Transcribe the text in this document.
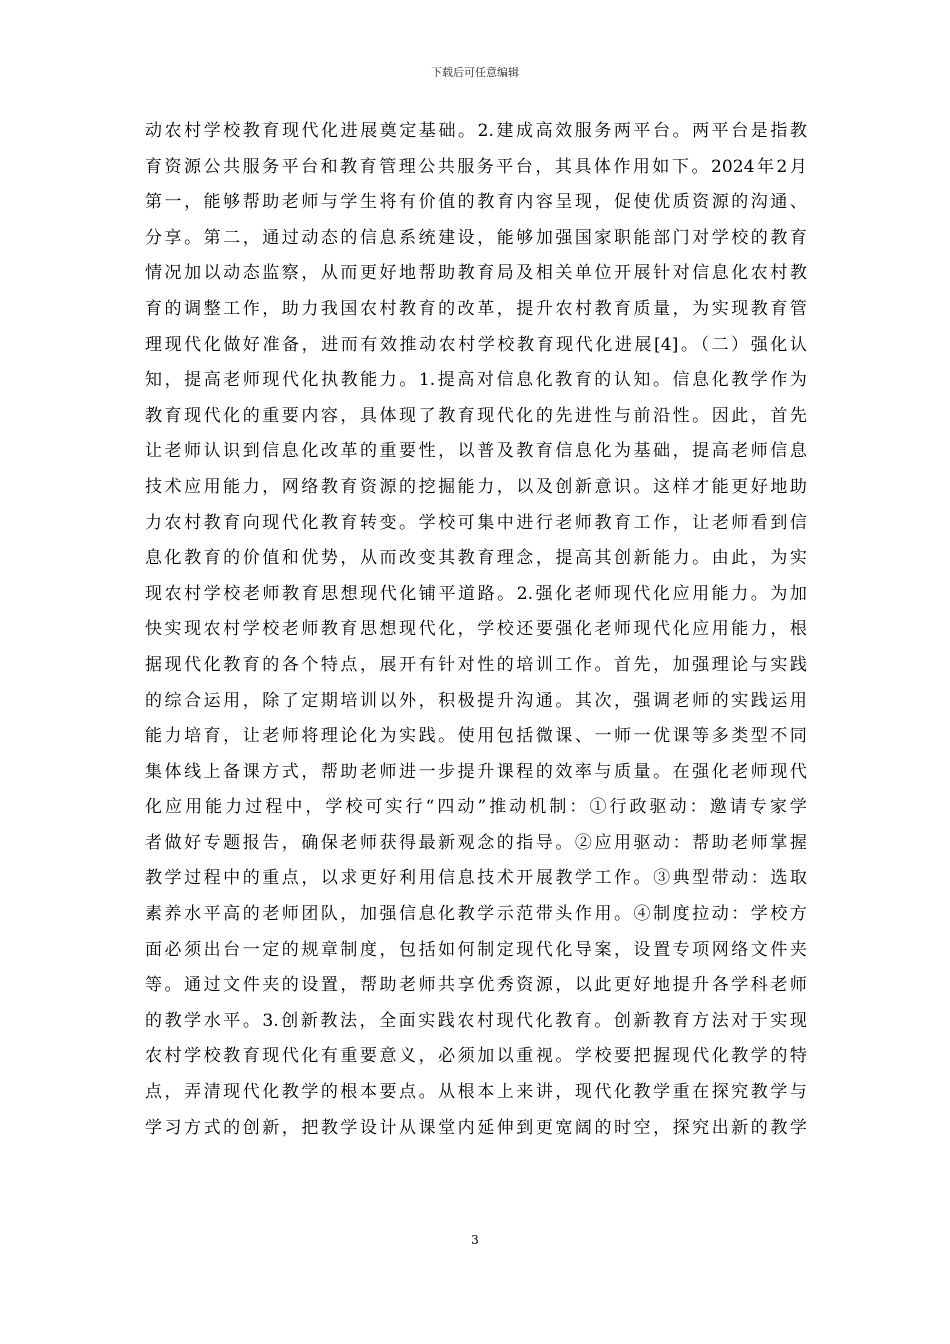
下载后可任意编辑
动农村学校教育现代化进展奠定基础。2.建成高效服务两平台。两平台是指教
育资源公共服务平台和教育管理公共服务平台，其具体作用如下。2024年2月
第一，能够帮助老师与学生将有价值的教育内容呈现，促使优质资源的沟通、
分享。第二，通过动态的信息系统建设，能够加强国家职能部门对学校的教育
情况加以动态监察，从而更好地帮助教育局及相关单位开展针对信息化农村教
育的调整工作，助力我国农村教育的改革，提升农村教育质量，为实现教育管
理现代化做好准备，进而有效推动农村学校教育现代化进展[4]。（二）强化认
知，提高老师现代化执教能力。1.提高对信息化教育的认知。信息化教学作为
教育现代化的重要内容，具体现了教育现代化的先进性与前沿性。因此，首先
让老师认识到信息化改革的重要性，以普及教育信息化为基础，提高老师信息
技术应用能力，网络教育资源的挖掘能力，以及创新意识。这样才能更好地助
力农村教育向现代化教育转变。学校可集中进行老师教育工作，让老师看到信
息化教育的价值和优势，从而改变其教育理念，提高其创新能力。由此，为实
现农村学校老师教育思想现代化铺平道路。2.强化老师现代化应用能力。为加
快实现农村学校老师教育思想现代化，学校还要强化老师现代化应用能力，根
据现代化教育的各个特点，展开有针对性的培训工作。首先，加强理论与实践
的综合运用，除了定期培训以外，积极提升沟通。其次，强调老师的实践运用
能力培育，让老师将理论化为实践。使用包括微课、一师一优课等多类型不同
集体线上备课方式，帮助老师进一步提升课程的效率与质量。在强化老师现代
化应用能力过程中，学校可实行“四动”推动机制：①行政驱动：邀请专家学
者做好专题报告，确保老师获得最新观念的指导。②应用驱动：帮助老师掌握
教学过程中的重点，以求更好利用信息技术开展教学工作。③典型带动：选取
素养水平高的老师团队，加强信息化教学示范带头作用。④制度拉动：学校方
面必须出台一定的规章制度，包括如何制定现代化导案，设置专项网络文件夹
等。通过文件夹的设置，帮助老师共享优秀资源，以此更好地提升各学科老师
的教学水平。3.创新教法，全面实践农村现代化教育。创新教育方法对于实现
农村学校教育现代化有重要意义，必须加以重视。学校要把握现代化教学的特
点，弄清现代化教学的根本要点。从根本上来讲，现代化教学重在探究教学与
学习方式的创新，把教学设计从课堂内延伸到更宽阔的时空，探究出新的教学
3
